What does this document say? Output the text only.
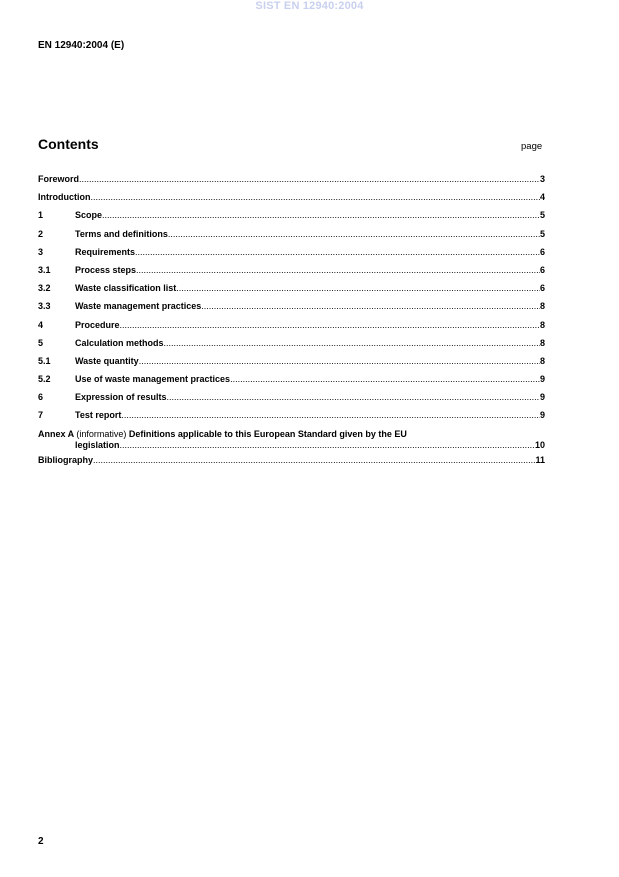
SIST EN 12940:2004
EN 12940:2004 (E)
Contents	page
Foreword .....	3
Introduction .....	4
1	Scope .....	5
2	Terms and definitions .....	5
3	Requirements .....	6
3.1	Process steps .....	6
3.2	Waste classification list .....	6
3.3	Waste management practices .....	8
4	Procedure .....	8
5	Calculation methods .....	8
5.1	Waste quantity .....	8
5.2	Use of waste management practices .....	9
6	Expression of results .....	9
7	Test report .....	9
Annex A (informative) Definitions applicable to this European Standard given by the EU
legislation .....	10
Bibliography .....	11
2
